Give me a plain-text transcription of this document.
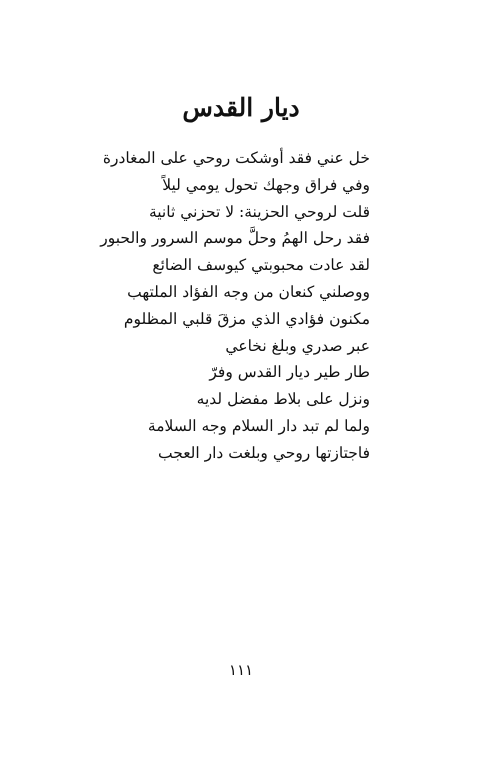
ديار القدس
خل عني فقد أوشكت روحي على المغادرة
وفي فراق وجهك تحول يومي ليلاً
قلت لروحي الحزينة: لا تحزني ثانية
فقد رحل الهمُ وحلَّ موسم السرور والحبور
لقد عادت محبوبتي كيوسف الضائع
ووصلني كنعان من وجه الفؤاد الملتهب
مكنون فؤادي الذي مزقَ قلبي المظلوم
عبر صدري وبلغ نخاعي
طار طير ديار القدس وفرّ
ونزل على بلاط مفضل لديه
ولما لم تبد دار السلام وجه السلامة
فاجتازتها روحي وبلغت دار العجب
١١١
